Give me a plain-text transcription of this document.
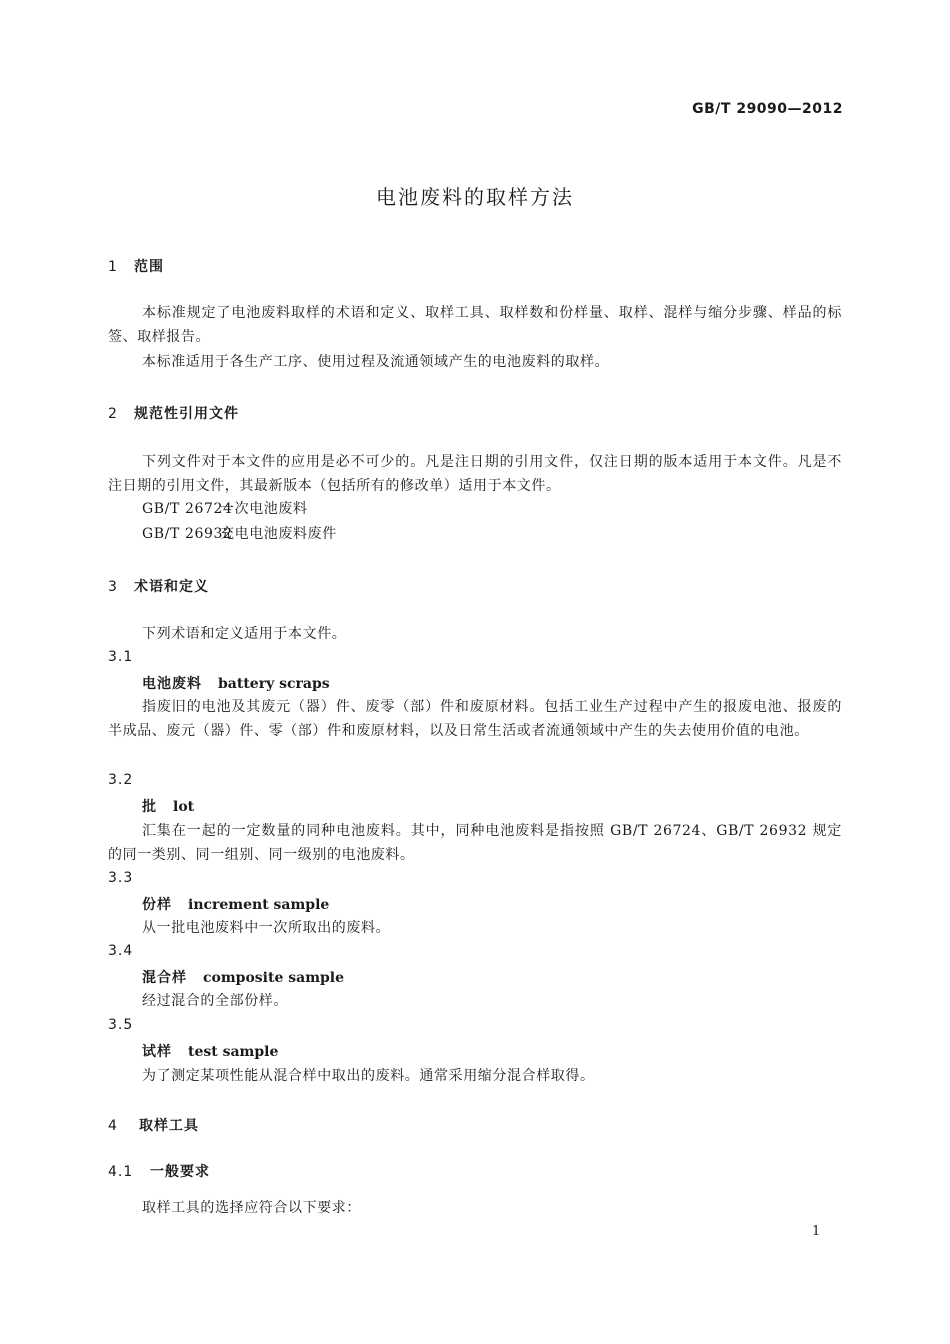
GB/T 29090—2012
电池废料的取样方法
1 范围
本标准规定了电池废料取样的术语和定义、取样工具、取样数和份样量、取样、混样与缩分步骤、样品的标签、取样报告。
本标准适用于各生产工序、使用过程及流通领域产生的电池废料的取样。
2 规范性引用文件
下列文件对于本文件的应用是必不可少的。凡是注日期的引用文件，仅注日期的版本适用于本文件。凡是不注日期的引用文件，其最新版本（包括所有的修改单）适用于本文件。
GB/T 26724一次电池废料
GB/T 26932充电电池废料废件
3 术语和定义
下列术语和定义适用于本文件。
3.1
电池废料 battery scraps
指废旧的电池及其废元（器）件、废零（部）件和废原材料。包括工业生产过程中产生的报废电池、报废的半成品、废元（器）件、零（部）件和废原材料，以及日常生活或者流通领域中产生的失去使用价值的电池。
3.2
批 lot
汇集在一起的一定数量的同种电池废料。其中，同种电池废料是指按照 GB/T 26724、GB/T 26932 规定的同一类别、同一组别、同一级别的电池废料。
3.3
份样 increment sample
从一批电池废料中一次所取出的废料。
3.4
混合样 composite sample
经过混合的全部份样。
3.5
试样 test sample
为了测定某项性能从混合样中取出的废料。通常采用缩分混合样取得。
4 取样工具
4.1 一般要求
取样工具的选择应符合以下要求：
1
